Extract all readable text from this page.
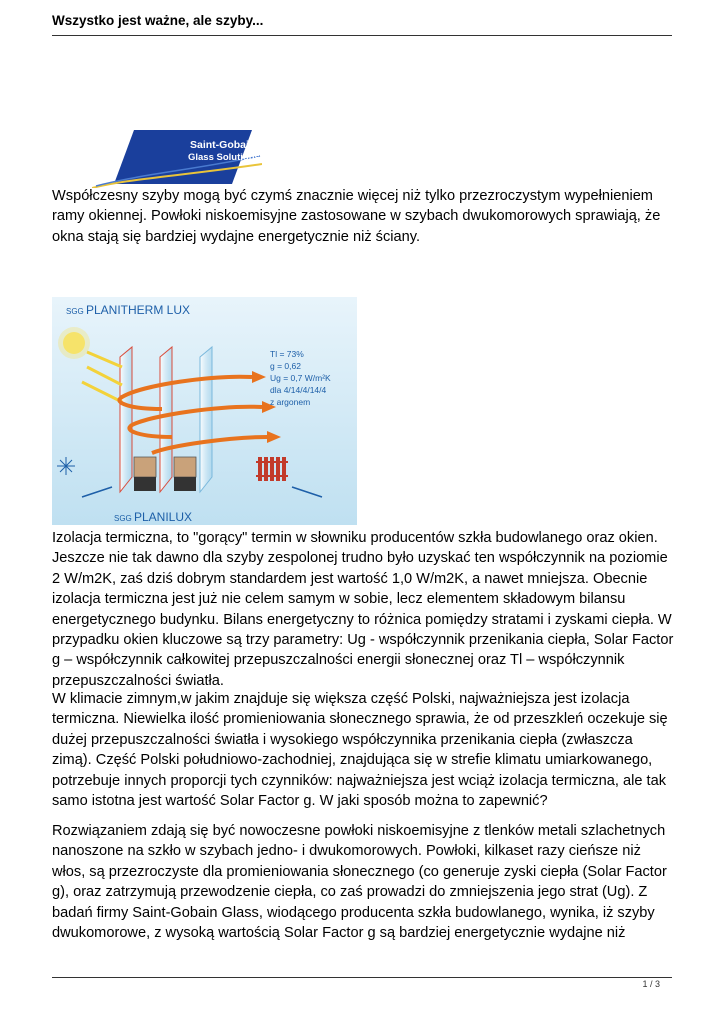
Wszystko jest ważne, ale szyby...
Saint-Gobain
Glass Solutions

Współczesny szyby mogą być czymś znacznie więcej niż tylko przezroczystym wypełnieniem ramy okiennej. Powłoki niskoemisyjne zastosowane w szybach dwukomorowych sprawiają, że okna stają się bardziej wydajne energetycznie niż ściany.

SGG PLANITHERM LUX
Tl = 73%
g = 0,62
Ug = 0,7 W/m²K
dla 4/14/4/14/4
z argonem
SGG PLANILUX

Izolacja termiczna, to "gorący" termin w słowniku producentów szkła budowlanego oraz okien. Jeszcze nie tak dawno dla szyby zespolonej trudno było uzyskać ten współczynnik na poziomie 2 W/m2K, zaś dziś dobrym standardem jest wartość 1,0 W/m2K, a nawet mniejsza. Obecnie izolacja termiczna jest już nie celem samym w sobie, lecz elementem składowym bilansu energetycznego budynku. Bilans energetyczny to różnica pomiędzy stratami i zyskami ciepła. W przypadku okien kluczowe są trzy parametry: Ug - współczynnik przenikania ciepła, Solar Factor g – współczynnik całkowitej przepuszczalności energii słonecznej oraz Tl – współczynnik przepuszczalności światła.

W klimacie zimnym,w jakim znajduje się większa część Polski, najważniejsza jest izolacja termiczna. Niewielka ilość promieniowania słonecznego sprawia, że od przeszkleń oczekuje się dużej przepuszczalności światła i wysokiego współczynnika przenikania ciepła (zwłaszcza zimą). Część Polski południowo-zachodniej, znajdująca się w strefie klimatu umiarkowanego, potrzebuje innych proporcji tych czynników: najważniejsza jest wciąż izolacja termiczna, ale tak samo istotna jest wartość Solar Factor g. W jaki sposób można to zapewnić?

Rozwiązaniem zdają się być nowoczesne powłoki niskoemisyjne z tlenków metali szlachetnych nanoszone na szkło w szybach jedno- i dwukomorowych. Powłoki, kilkaset razy cieńsze niż włos, są przezroczyste dla promieniowania słonecznego (co generuje zyski ciepła (Solar Factor g), oraz zatrzymują przewodzenie ciepła, co zaś prowadzi do zmniejszenia jego strat (Ug). Z badań firmy Saint-Gobain Glass, wiodącego producenta szkła budowlanego, wynika, iż szyby dwukomorowe, z wysoką wartością Solar Factor g są bardziej energetycznie wydajne niż

1 / 3
